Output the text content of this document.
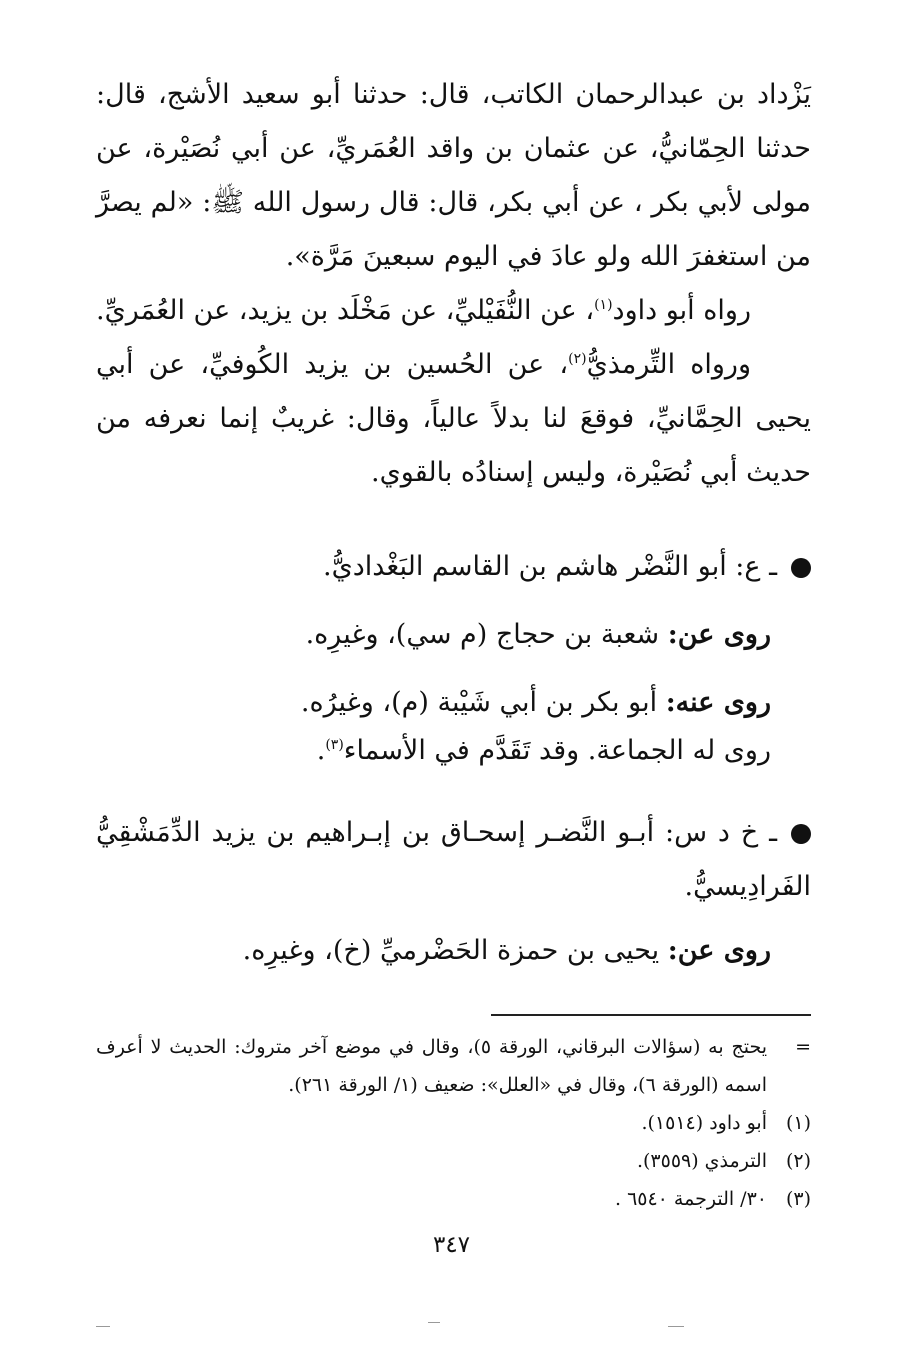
يَزْداد بن عبدالرحمان الكاتب، قال: حدثنا أبو سعيد الأشج، قال: حدثنا الحِمّانيُّ، عن عثمان بن واقد العُمَريِّ، عن أبي نُصَيْرة، عن مولى لأبي بكر ، عن أبي بكر، قال: قال رسول الله ﷺ: «لم يصرَّ من استغفرَ الله ولو عادَ في اليوم سبعينَ مَرَّة».

رواه أبو داود$^{(١)}$، عن النُّفَيْليِّ، عن مَخْلَد بن يزيد، عن العُمَريِّ.

ورواه التِّرمذيُّ$^{(٢)}$، عن الحُسين بن يزيد الكُوفيِّ، عن أبي يحيى الحِمَّانيِّ، فوقعَ لنا بدلاً عالياً، وقال: غريبٌ إنما نعرفه من حديث أبي نُصَيْرة، وليس إسنادُه بالقوي.

ـ ع: أبو النَّضْر هاشم بن القاسم البَغْداديُّ.
روى عن: شعبة بن حجاج (م سي)، وغيرِه.
روى عنه: أبو بكر بن أبي شَيْبة (م)، وغيرُه.
روى له الجماعة. وقد تَقَدَّم في الأسماء$^{(٣)}$.
ـ خ د س: أبـو النَّضـر إسحـاق بن إبـراهيم بن يزيد الدِّمَشْقِيُّ الفَرادِيسيُّ.
روى عن: يحيى بن حمزة الحَضْرميِّ (خ)، وغيرِه.
=
يحتج به (سؤالات البرقاني، الورقة ٥)، وقال في موضع آخر متروك: الحديث لا أعرف اسمه (الورقة ٦)، وقال في «العلل»: ضعيف (١/ الورقة ٢٦١).
(١)
أبو داود (١٥١٤).
(٢)
الترمذي (٣٥٥٩).
(٣)
٣٠/ الترجمة ٦٥٤٠ .
٣٤٧
